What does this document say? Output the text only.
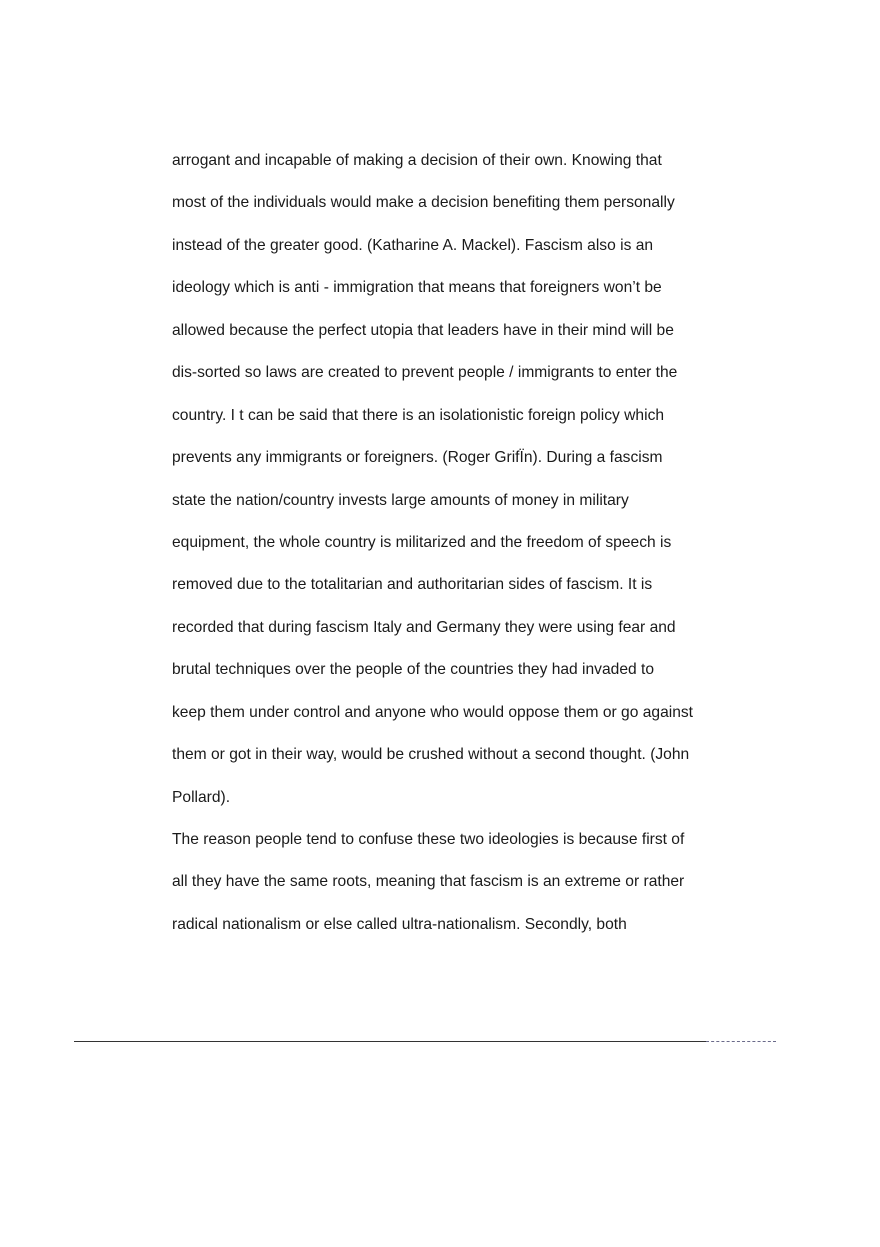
arrogant and incapable of making a decision of their own. Knowing that
most of the individuals would make a decision benefiting them personally
instead of the greater good. (Katharine A. Mackel). Fascism also is an
ideology which is anti - immigration that means that foreigners won’t be
allowed because the perfect utopia that leaders have in their mind will be
dis-sorted so laws are created to prevent people / immigrants to enter the
country. I t can be said that there is an isolationistic foreign policy which
prevents any immigrants or foreigners. (Roger GrifÏn). During a fascism
state the nation/country invests large amounts of money in military
equipment, the whole country is militarized and the freedom of speech is
removed due to the totalitarian and authoritarian sides of fascism. It is
recorded that during fascism Italy and Germany they were using fear and
brutal techniques over the people of the countries they had invaded to
keep them under control and anyone who would oppose them or go against
them or got in their way, would be crushed without a second thought. (John
Pollard).
The reason people tend to confuse these two ideologies is because first of
all they have the same roots, meaning that fascism is an extreme or rather
radical nationalism or else called ultra-nationalism. Secondly, both
